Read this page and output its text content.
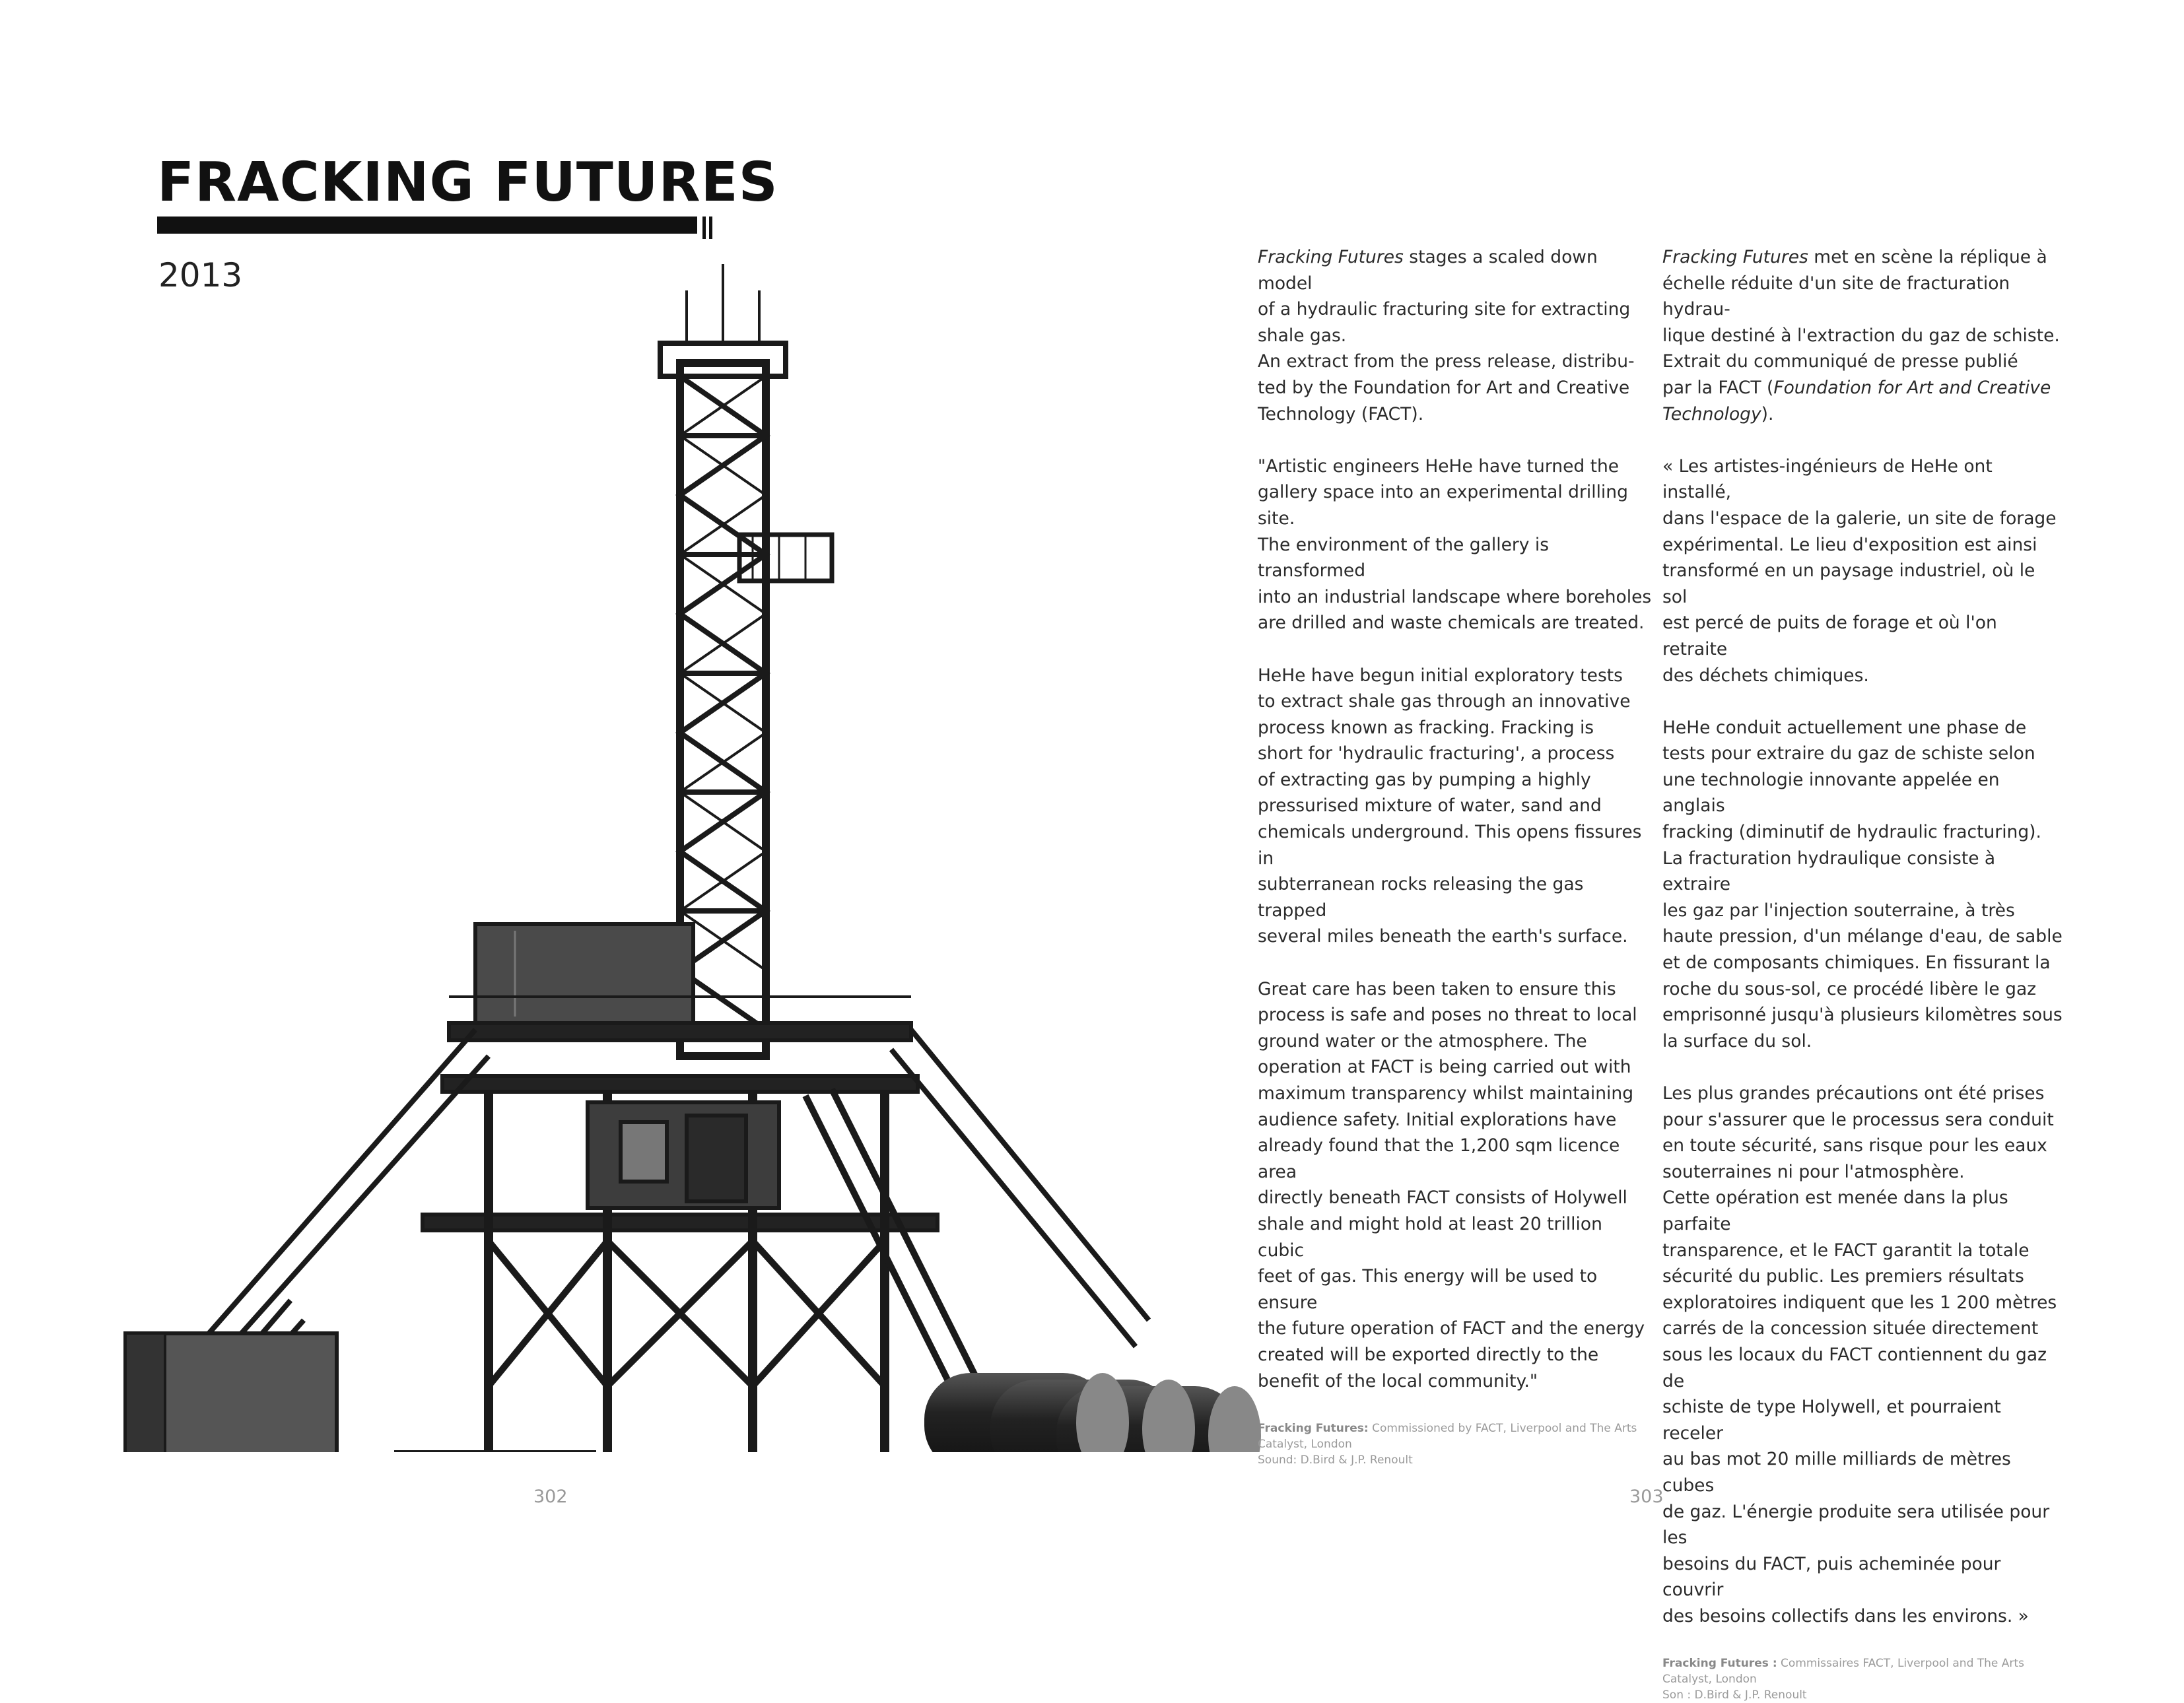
FRACKING FUTURES
2013	Fracking Futures stages a scaled down model
of a hydraulic fracturing site for extracting
shale gas.
An extract from the press release, distribu-
ted by the Foundation for Art and Creative
Technology (FACT).

"Artistic engineers HeHe have turned the
gallery space into an experimental drilling site.
The environment of the gallery is transformed
into an industrial landscape where boreholes
are drilled and waste chemicals are treated.

HeHe have begun initial exploratory tests
to extract shale gas through an innovative
process known as fracking. Fracking is
short for 'hydraulic fracturing', a process
of extracting gas by pumping a highly
pressurised mixture of water, sand and
chemicals underground. This opens fissures in
subterranean rocks releasing the gas trapped
several miles beneath the earth's surface.

Great care has been taken to ensure this
process is safe and poses no threat to local
ground water or the atmosphere. The
operation at FACT is being carried out with
maximum transparency whilst maintaining
audience safety. Initial explorations have
already found that the 1,200 sqm licence area
directly beneath FACT consists of Holywell
shale and might hold at least 20 trillion cubic
feet of gas. This energy will be used to ensure
the future operation of FACT and the energy
created will be exported directly to the
benefit of the local community."

Fracking Futures: Commissioned by FACT, Liverpool and The Arts
Catalyst, London
Sound: D.Bird & J.P. Renoult

Fracking Futures met en scène la réplique à
échelle réduite d'un site de fracturation hydrau-
lique destiné à l'extraction du gaz de schiste.
Extrait du communiqué de presse publié
par la FACT (Foundation for Art and Creative
Technology).

« Les artistes-ingénieurs de HeHe ont installé,
dans l'espace de la galerie, un site de forage
expérimental. Le lieu d'exposition est ainsi
transformé en un paysage industriel, où le sol
est percé de puits de forage et où l'on retraite
des déchets chimiques.

HeHe conduit actuellement une phase de
tests pour extraire du gaz de schiste selon
une technologie innovante appelée en anglais
fracking (diminutif de hydraulic fracturing).
La fracturation hydraulique consiste à extraire
les gaz par l'injection souterraine, à très
haute pression, d'un mélange d'eau, de sable
et de composants chimiques. En fissurant la
roche du sous-sol, ce procédé libère le gaz
emprisonné jusqu'à plusieurs kilomètres sous
la surface du sol.

Les plus grandes précautions ont été prises
pour s'assurer que le processus sera conduit
en toute sécurité, sans risque pour les eaux
souterraines ni pour l'atmosphère.
Cette opération est menée dans la plus parfaite
transparence, et le FACT garantit la totale
sécurité du public. Les premiers résultats
exploratoires indiquent que les 1 200 mètres
carrés de la concession située directement
sous les locaux du FACT contiennent du gaz de
schiste de type Holywell, et pourraient receler
au bas mot 20 mille milliards de mètres cubes
de gaz. L'énergie produite sera utilisée pour les
besoins du FACT, puis acheminée pour couvrir
des besoins collectifs dans les environs. »

Fracking Futures : Commissaires FACT, Liverpool and The Arts
Catalyst, London
Son : D.Bird & J.P. Renoult
302	303
